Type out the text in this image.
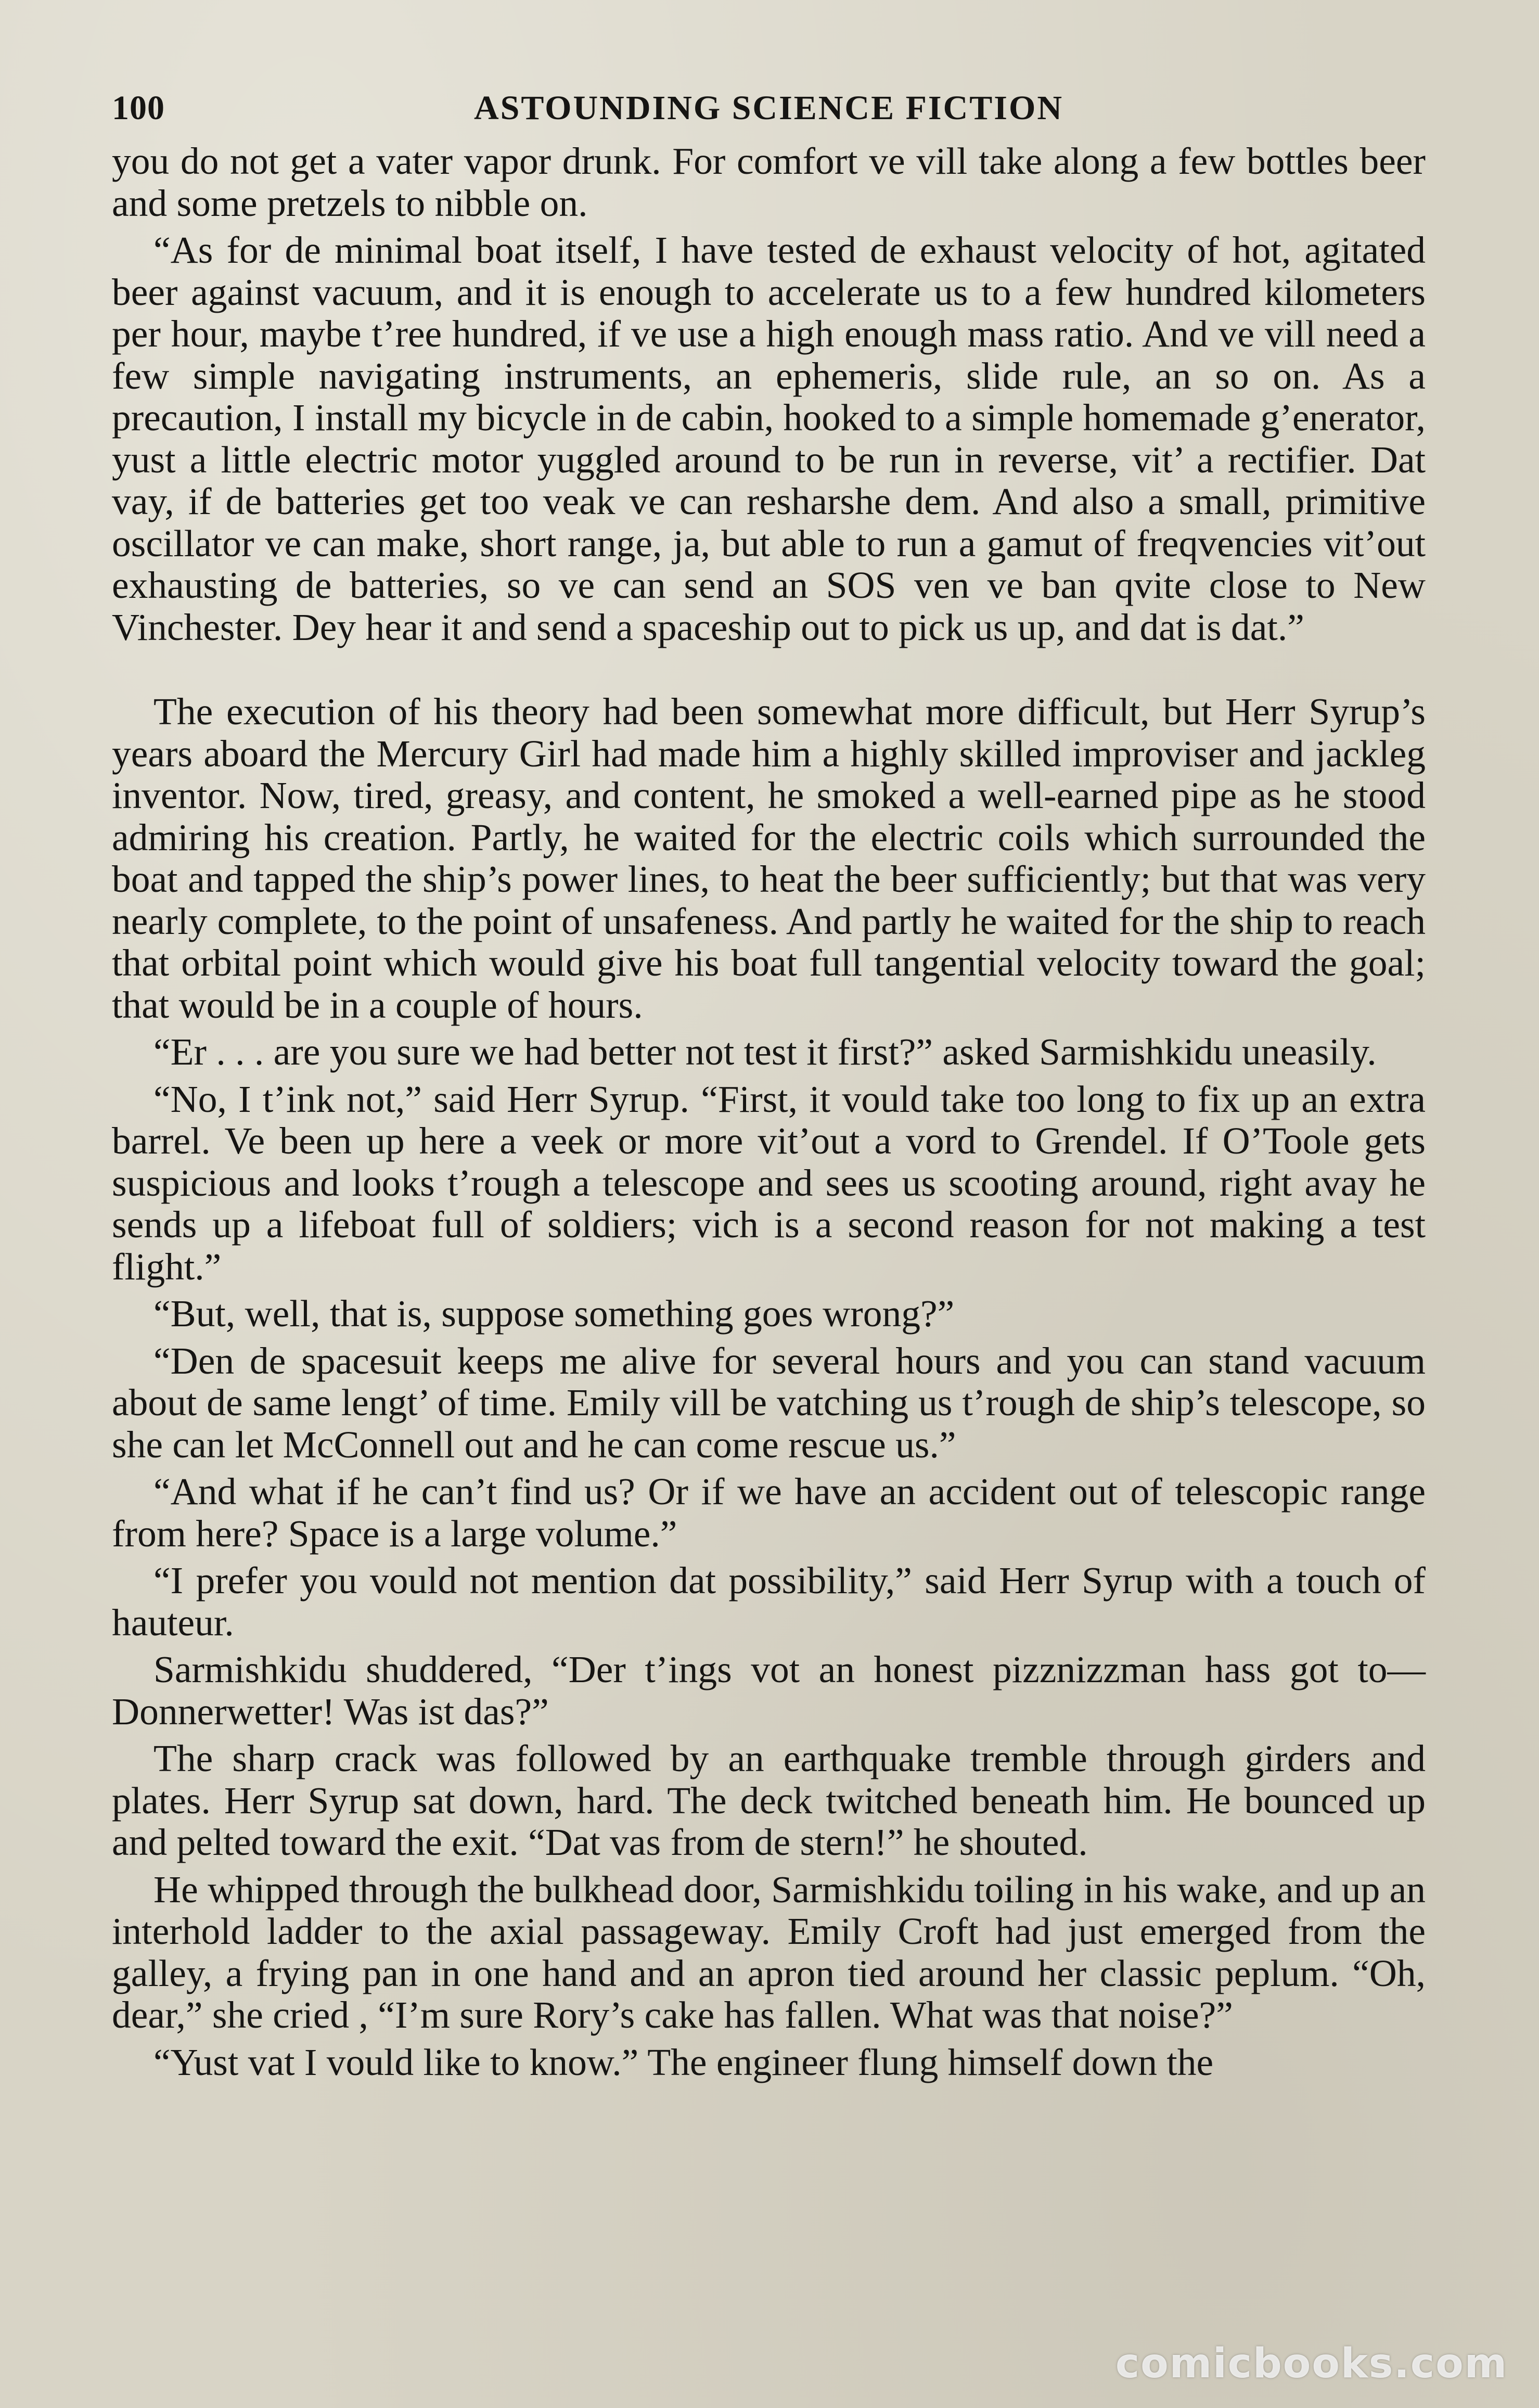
100	ASTOUNDING SCIENCE FICTION

you do not get a vater vapor drunk. For comfort ve vill take along a few bottles beer and some pretzels to nibble on.

“As for de minimal boat itself, I have tested de exhaust velocity of hot, agitated beer against vacuum, and it is enough to accelerate us to a few hundred kilometers per hour, maybe t’ree hundred, if ve use a high enough mass ratio. And ve vill need a few simple navigating instruments, an ephemeris, slide rule, an so on. As a precaution, I install my bicycle in de cabin, hooked to a simple homemade g’enerator, yust a little electric motor yuggled around to be run in reverse, vit’ a rectifier. Dat vay, if de batteries get too veak ve can resharshe dem. And also a small, primitive oscillator ve can make, short range, ja, but able to run a gamut of freqvencies vit’out exhausting de batteries, so ve can send an SOS ven ve ban qvite close to New Vinchester. Dey hear it and send a spaceship out to pick us up, and dat is dat.”

The execution of his theory had been somewhat more difficult, but Herr Syrup’s years aboard the Mercury Girl had made him a highly skilled improviser and jackleg inventor. Now, tired, greasy, and content, he smoked a well-earned pipe as he stood admiring his creation. Partly, he waited for the electric coils which surrounded the boat and tapped the ship’s power lines, to heat the beer sufficiently; but that was very nearly complete, to the point of unsafeness. And partly he waited for the ship to reach that orbital point which would give his boat full tangential velocity toward the goal; that would be in a couple of hours.

“Er . . . are you sure we had better not test it first?” asked Sarmishkidu uneasily.

“No, I t’ink not,” said Herr Syrup. “First, it vould take too long to fix up an extra barrel. Ve been up here a veek or more vit’out a vord to Grendel. If O’Toole gets suspicious and looks t’rough a telescope and sees us scooting around, right avay he sends up a lifeboat full of soldiers; vich is a second reason for not making a test flight.”

“But, well, that is, suppose something goes wrong?”

“Den de spacesuit keeps me alive for several hours and you can stand vacuum about de same lengt’ of time. Emily vill be vatching us t’rough de ship’s telescope, so she can let McConnell out and he can come rescue us.”

“And what if he can’t find us? Or if we have an accident out of telescopic range from here? Space is a large volume.”

“I prefer you vould not mention dat possibility,” said Herr Syrup with a touch of hauteur.

Sarmishkidu shuddered, “Der t’ings vot an honest pizznizzman hass got to—Donnerwetter! Was ist das?”

The sharp crack was followed by an earthquake tremble through girders and plates. Herr Syrup sat down, hard. The deck twitched beneath him. He bounced up and pelted toward the exit. “Dat vas from de stern!” he shouted.

He whipped through the bulkhead door, Sarmishkidu toiling in his wake, and up an interhold ladder to the axial passageway. Emily Croft had just emerged from the galley, a frying pan in one hand and an apron tied around her classic peplum. “Oh, dear,” she cried , “I’m sure Rory’s cake has fallen. What was that noise?”

“Yust vat I vould like to know.” The engineer flung himself down the

comicbooks.com
